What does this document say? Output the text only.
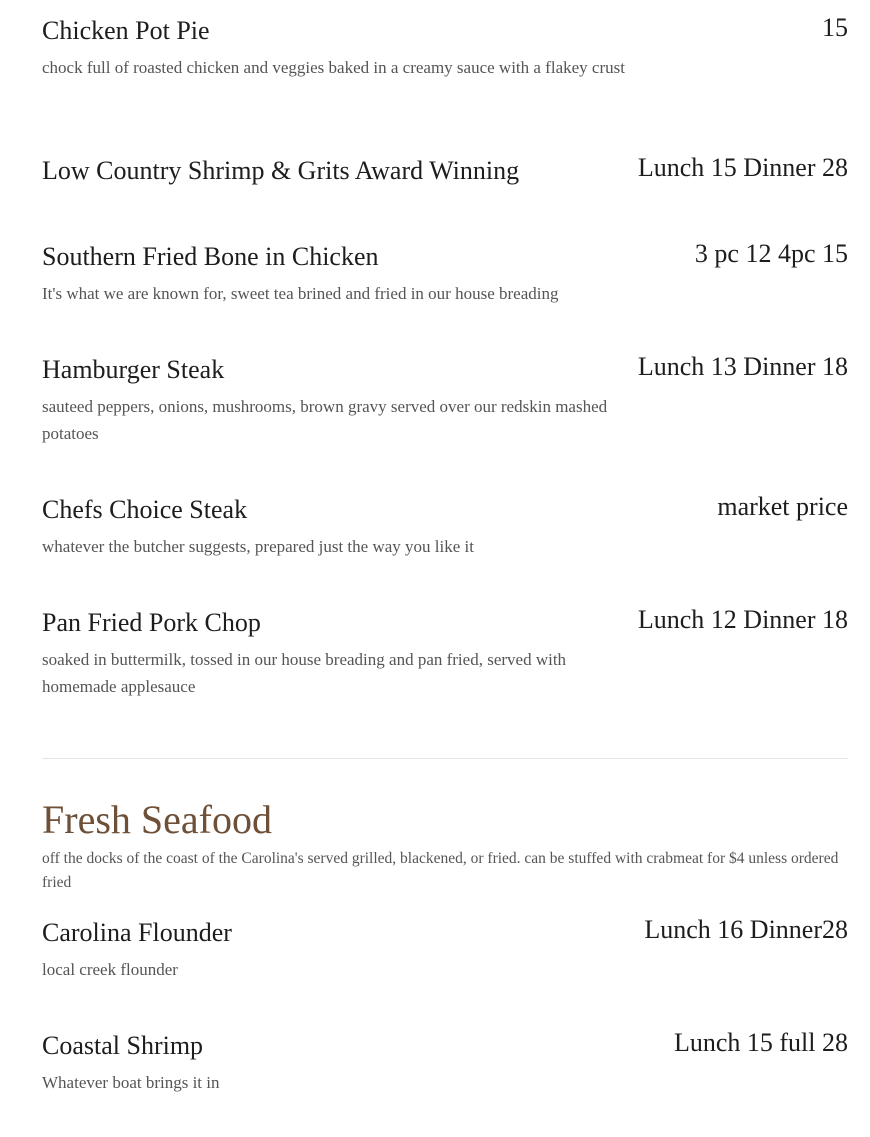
Chicken Pot Pie	15

chock full of roasted chicken and veggies baked in a creamy sauce with a flakey crust

Low Country Shrimp & Grits Award Winning	Lunch 15 Dinner 28
Southern Fried Bone in Chicken	3 pc 12 4pc 15

It's what we are known for, sweet tea brined and fried in our house breading

Hamburger Steak	Lunch 13 Dinner 18

sauteed peppers, onions, mushrooms, brown gravy served over our redskin mashed potatoes

Chefs Choice Steak	market price

whatever the butcher suggests, prepared just the way you like it

Pan Fried Pork Chop	Lunch 12 Dinner 18

soaked in buttermilk, tossed in our house breading and pan fried, served with homemade applesauce

Fresh Seafood

off the docks of the coast of the Carolina's served grilled, blackened, or fried. can be stuffed with crabmeat for $4 unless ordered fried

Carolina Flounder	Lunch 16 Dinner28

local creek flounder

Coastal Shrimp	Lunch 15 full 28

Whatever boat brings it in
